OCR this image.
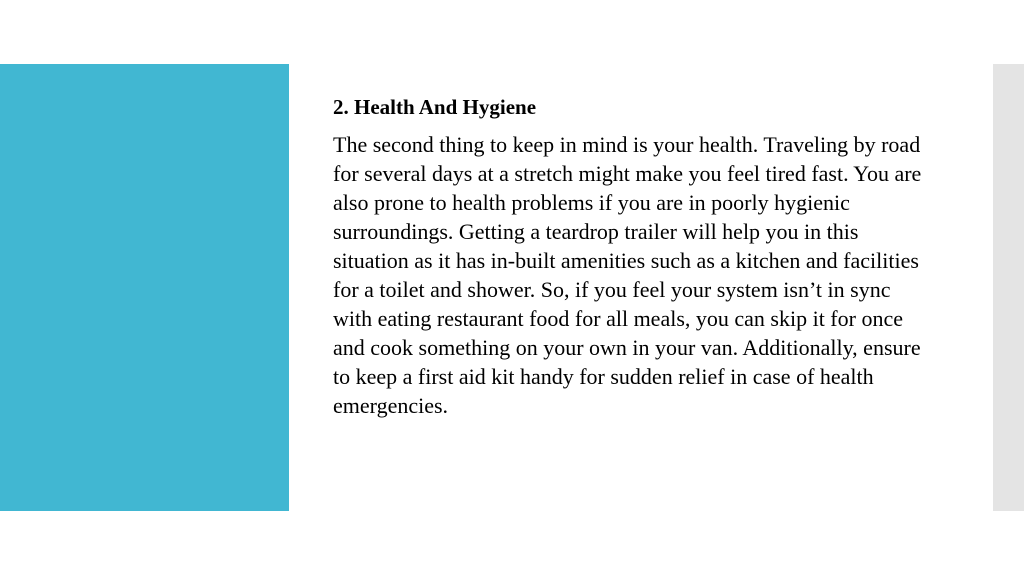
2. Health And Hygiene

The second thing to keep in mind is your health. Traveling by road for several days at a stretch might make you feel tired fast. You are also prone to health problems if you are in poorly hygienic surroundings. Getting a teardrop trailer will help you in this situation as it has in-built amenities such as a kitchen and facilities for a toilet and shower. So, if you feel your system isn’t in sync with eating restaurant food for all meals, you can skip it for once and cook something on your own in your van. Additionally, ensure to keep a first aid kit handy for sudden relief in case of health emergencies.
